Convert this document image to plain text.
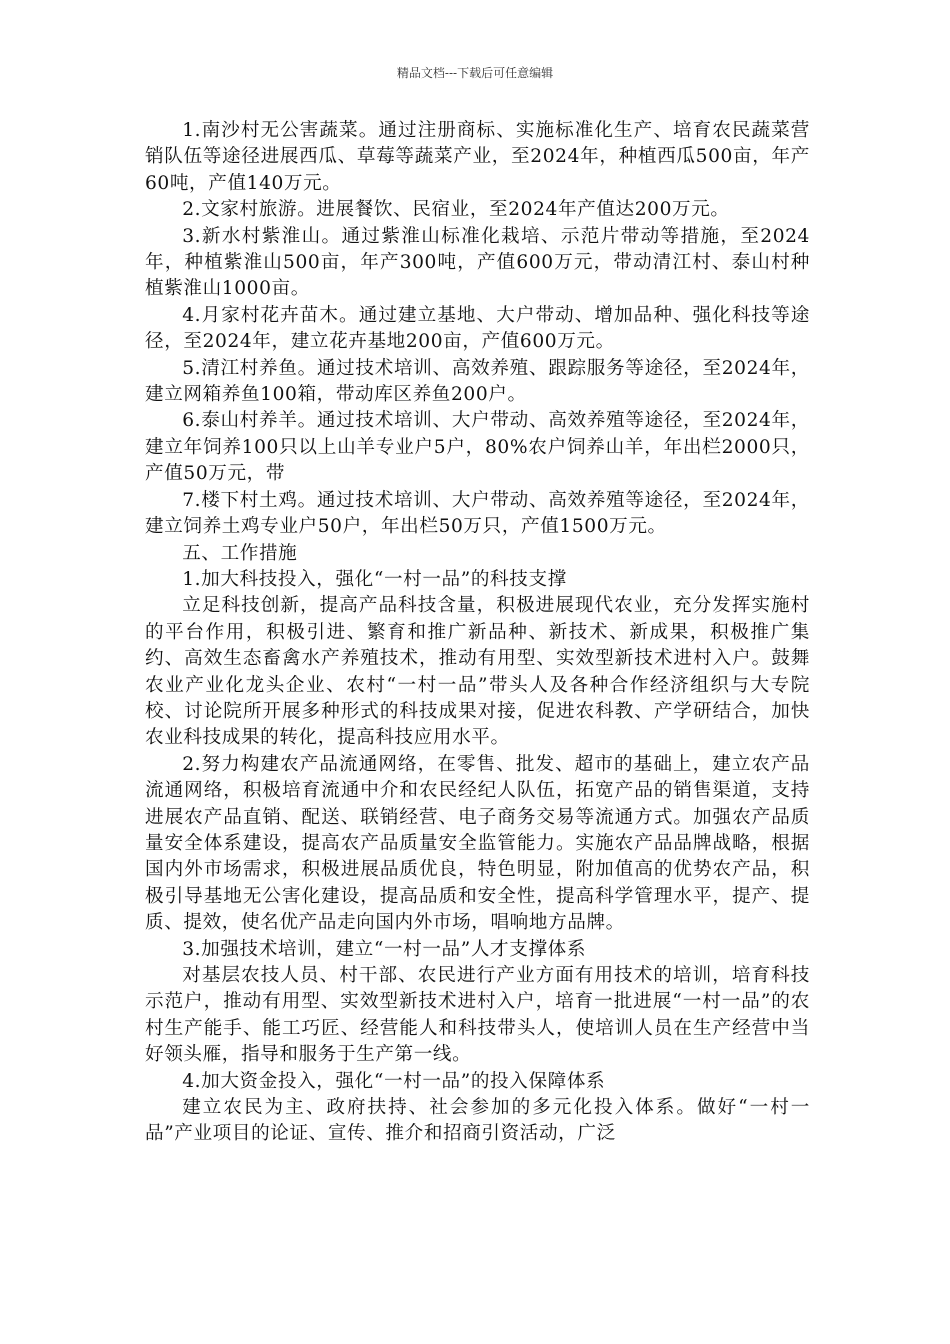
精品文档---下载后可任意编辑

1.南沙村无公害蔬菜。通过注册商标、实施标准化生产、培育农民蔬菜营销队伍等途径进展西瓜、草莓等蔬菜产业，至2024年，种植西瓜500亩，年产60吨，产值140万元。

2.文家村旅游。进展餐饮、民宿业，至2024年产值达200万元。

3.新水村紫淮山。通过紫淮山标准化栽培、示范片带动等措施，至2024年，种植紫淮山500亩，年产300吨，产值600万元，带动清江村、泰山村种植紫淮山1000亩。

4.月家村花卉苗木。通过建立基地、大户带动、增加品种、强化科技等途径，至2024年，建立花卉基地200亩，产值600万元。

5.清江村养鱼。通过技术培训、高效养殖、跟踪服务等途径，至2024年，建立网箱养鱼100箱，带动库区养鱼200户。

6.泰山村养羊。通过技术培训、大户带动、高效养殖等途径，至2024年，建立年饲养100只以上山羊专业户5户，80%农户饲养山羊，年出栏2000只，产值50万元，带

7.楼下村土鸡。通过技术培训、大户带动、高效养殖等途径，至2024年，建立饲养土鸡专业户50户，年出栏50万只，产值1500万元。

五、工作措施

1.加大科技投入，强化“一村一品”的科技支撑

立足科技创新，提高产品科技含量，积极进展现代农业，充分发挥实施村的平台作用，积极引进、繁育和推广新品种、新技术、新成果，积极推广集约、高效生态畜禽水产养殖技术，推动有用型、实效型新技术进村入户。鼓舞农业产业化龙头企业、农村“一村一品”带头人及各种合作经济组织与大专院校、讨论院所开展多种形式的科技成果对接，促进农科教、产学研结合，加快农业科技成果的转化，提高科技应用水平。

2.努力构建农产品流通网络，在零售、批发、超市的基础上，建立农产品流通网络，积极培育流通中介和农民经纪人队伍，拓宽产品的销售渠道，支持进展农产品直销、配送、联销经营、电子商务交易等流通方式。加强农产品质量安全体系建设，提高农产品质量安全监管能力。实施农产品品牌战略，根据国内外市场需求，积极进展品质优良，特色明显，附加值高的优势农产品，积极引导基地无公害化建设，提高品质和安全性，提高科学管理水平，提产、提质、提效，使名优产品走向国内外市场，唱响地方品牌。

3.加强技术培训，建立“一村一品”人才支撑体系

对基层农技人员、村干部、农民进行产业方面有用技术的培训，培育科技示范户，推动有用型、实效型新技术进村入户，培育一批进展“一村一品”的农村生产能手、能工巧匠、经营能人和科技带头人，使培训人员在生产经营中当好领头雁，指导和服务于生产第一线。

4.加大资金投入，强化“一村一品”的投入保障体系

建立农民为主、政府扶持、社会参加的多元化投入体系。做好“一村一品”产业项目的论证、宣传、推介和招商引资活动，广泛
